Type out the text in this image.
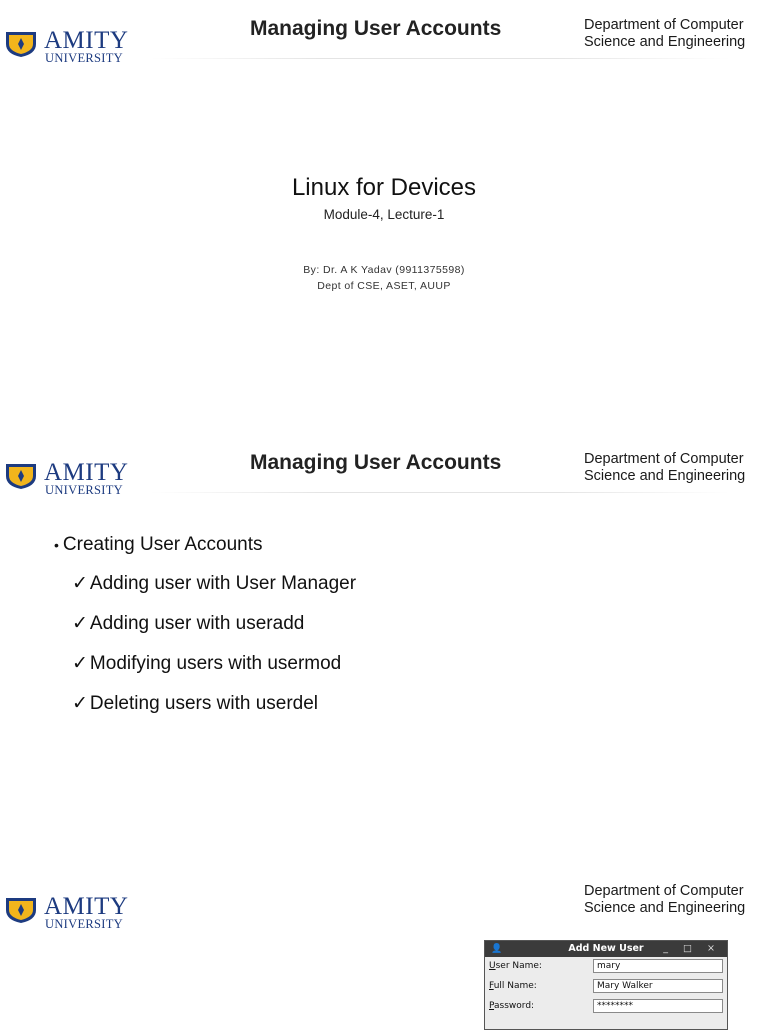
AMITY
UNIVERSITY
Managing User Accounts	Department of Computer
Science and Engineering
Linux for Devices
Module-4, Lecture-1
By: Dr. A K Yadav (9911375598)
Dept of CSE, ASET, AUUP
AMITY
UNIVERSITY
Managing User Accounts	Department of Computer
Science and Engineering
• Creating User Accounts
✓ Adding user with User Manager
✓ Adding user with useradd
✓ Modifying users with usermod
✓ Deleting users with userdel
AMITY
UNIVERSITY
Department of Computer
Science and Engineering
👤	Add New User _ □ ×
User Name:	mary
Full Name:	Mary Walker
Password:	********
